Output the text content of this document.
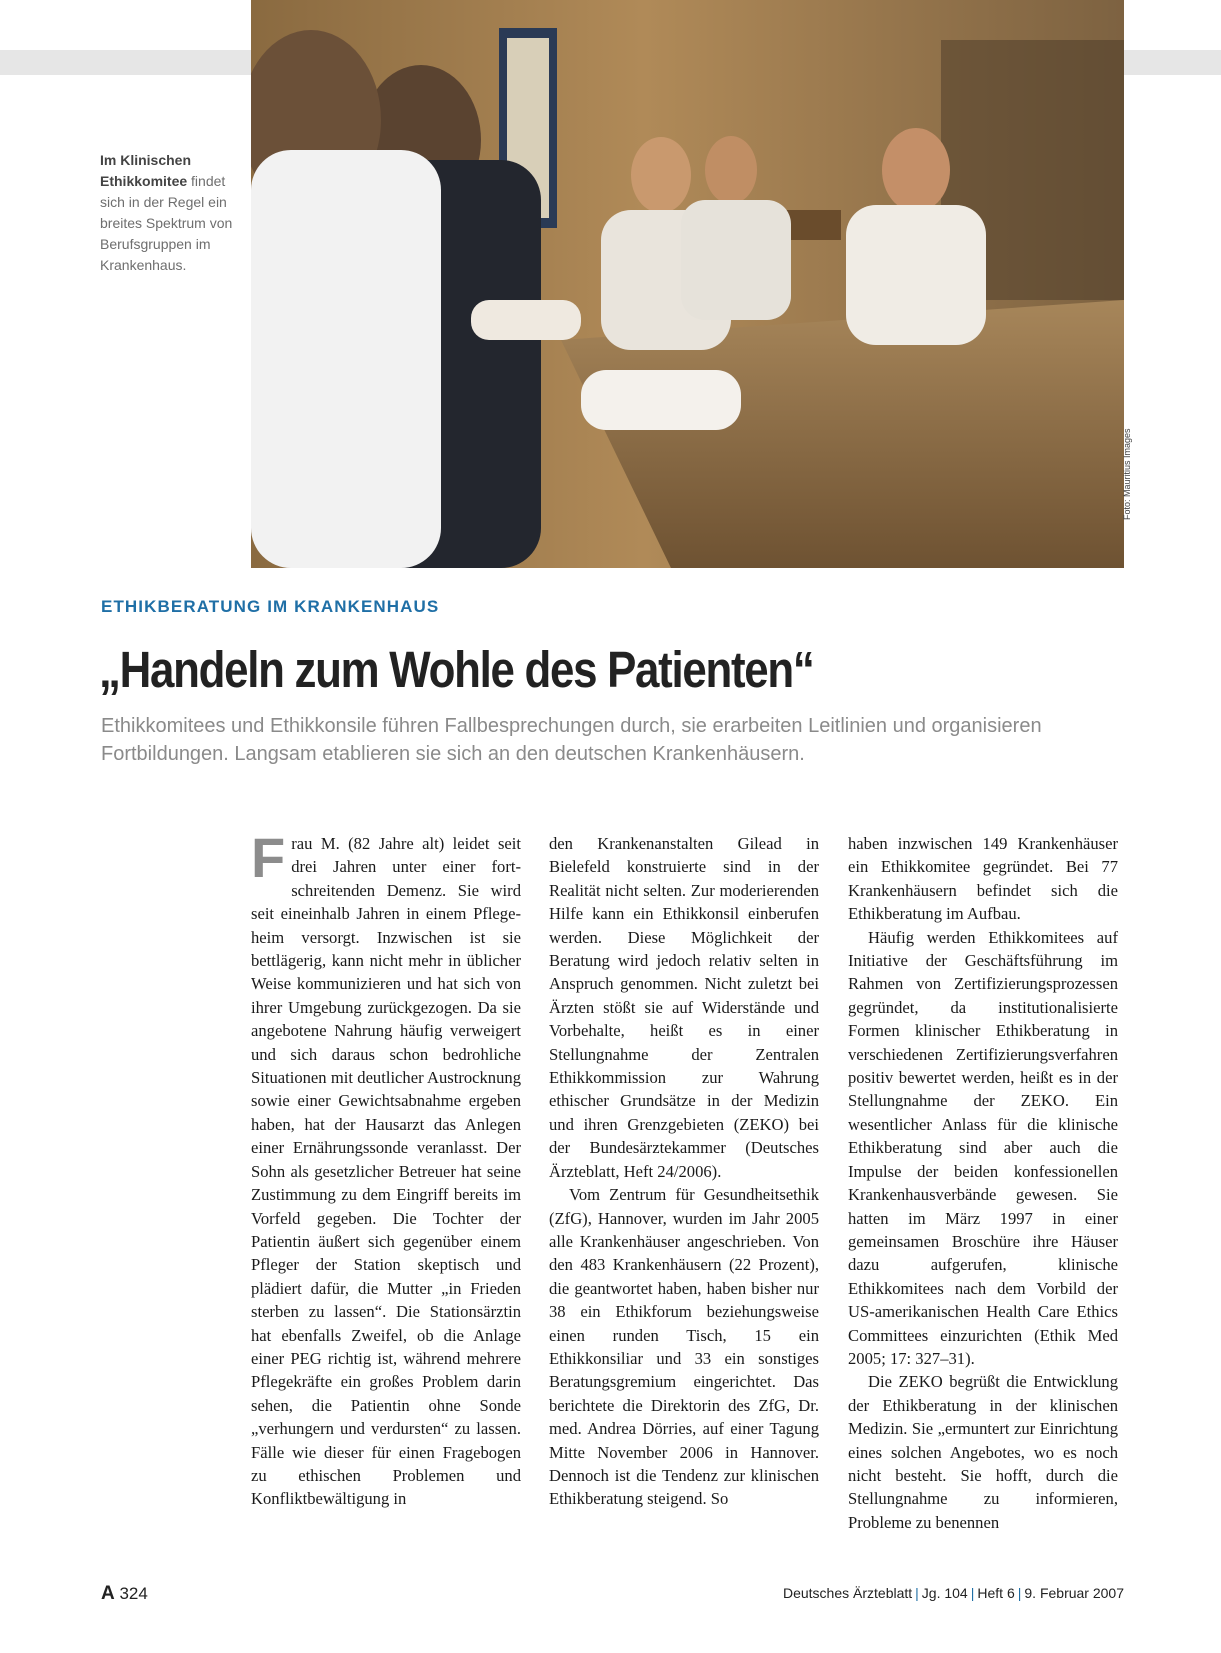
Foto: Mauritius Images
Im Klinischen Ethikkomitee findet sich in der Regel ein breites Spektrum von Berufsgruppen im Krankenhaus.
ETHIKBERATUNG IM KRANKENHAUS
„Handeln zum Wohle des Patienten“
Ethikkomitees und Ethikkonsile führen Fallbesprechungen durch, sie erarbeiten Leitlinien und organisieren Fortbildungen. Langsam etablieren sie sich an den deutschen Krankenhäusern.

Frau M. (82 Jahre alt) leidet seit drei Jahren unter einer fortschreitenden Demenz. Sie wird seit eineinhalb Jahren in einem Pflegeheim versorgt. Inzwischen ist sie bettlägerig, kann nicht mehr in üblicher Weise kommunizieren und hat sich von ihrer Umgebung zurückgezogen. Da sie angebotene Nahrung häufig verweigert und sich daraus schon bedrohliche Situationen mit deutlicher Austrocknung sowie einer Gewichtsabnahme ergeben haben, hat der Hausarzt das Anlegen einer Ernährungssonde veranlasst. Der Sohn als gesetzlicher Betreuer hat seine Zustimmung zu dem Eingriff bereits im Vorfeld gegeben. Die Tochter der Patientin äußert sich gegenüber einem Pfleger der Station skeptisch und plädiert dafür, die Mutter „in Frieden sterben zu lassen“. Die Stationsärztin hat ebenfalls Zweifel, ob die Anlage einer PEG richtig ist, während mehrere Pflegekräfte ein großes Problem darin sehen, die Patientin ohne Sonde „verhungern und verdursten“ zu lassen. Fälle wie dieser für einen Fragebogen zu ethischen Problemen und Konfliktbewältigung in

den Krankenanstalten Gilead in Bielefeld konstruierte sind in der Realität nicht selten. Zur moderierenden Hilfe kann ein Ethikkonsil einberufen werden. Diese Möglichkeit der Beratung wird jedoch relativ selten in Anspruch genommen. Nicht zuletzt bei Ärzten stößt sie auf Widerstände und Vorbehalte, heißt es in einer Stellungnahme der Zentralen Ethikkommission zur Wahrung ethischer Grundsätze in der Medizin und ihren Grenzgebieten (ZEKO) bei der Bundesärztekammer (Deutsches Ärzteblatt, Heft 24/2006).

Vom Zentrum für Gesundheitsethik (ZfG), Hannover, wurden im Jahr 2005 alle Krankenhäuser angeschrieben. Von den 483 Krankenhäusern (22 Prozent), die geantwortet haben, haben bisher nur 38 ein Ethikforum beziehungsweise einen runden Tisch, 15 ein Ethikkonsiliar und 33 ein sonstiges Beratungsgremium eingerichtet. Das berichtete die Direktorin des ZfG, Dr. med. Andrea Dörries, auf einer Tagung Mitte November 2006 in Hannover. Dennoch ist die Tendenz zur klinischen Ethikberatung steigend. So

haben inzwischen 149 Krankenhäuser ein Ethikkomitee gegründet. Bei 77 Krankenhäusern befindet sich die Ethikberatung im Aufbau.

Häufig werden Ethikkomitees auf Initiative der Geschäftsführung im Rahmen von Zertifizierungsprozessen gegründet, da institutionalisierte Formen klinischer Ethikberatung in verschiedenen Zertifizierungsverfahren positiv bewertet werden, heißt es in der Stellungnahme der ZEKO. Ein wesentlicher Anlass für die klinische Ethikberatung sind aber auch die Impulse der beiden konfessionellen Krankenhausverbände gewesen. Sie hatten im März 1997 in einer gemeinsamen Broschüre ihre Häuser dazu aufgerufen, klinische Ethikkomitees nach dem Vorbild der US-amerikanischen Health Care Ethics Committees einzurichten (Ethik Med 2005; 17: 327–31).

Die ZEKO begrüßt die Entwicklung der Ethikberatung in der klinischen Medizin. Sie „ermuntert zur Einrichtung eines solchen Angebotes, wo es noch nicht besteht. Sie hofft, durch die Stellungnahme zu informieren, Probleme zu benennen

A 324	Deutsches Ärzteblatt | Jg. 104 | Heft 6 | 9. Februar 2007
